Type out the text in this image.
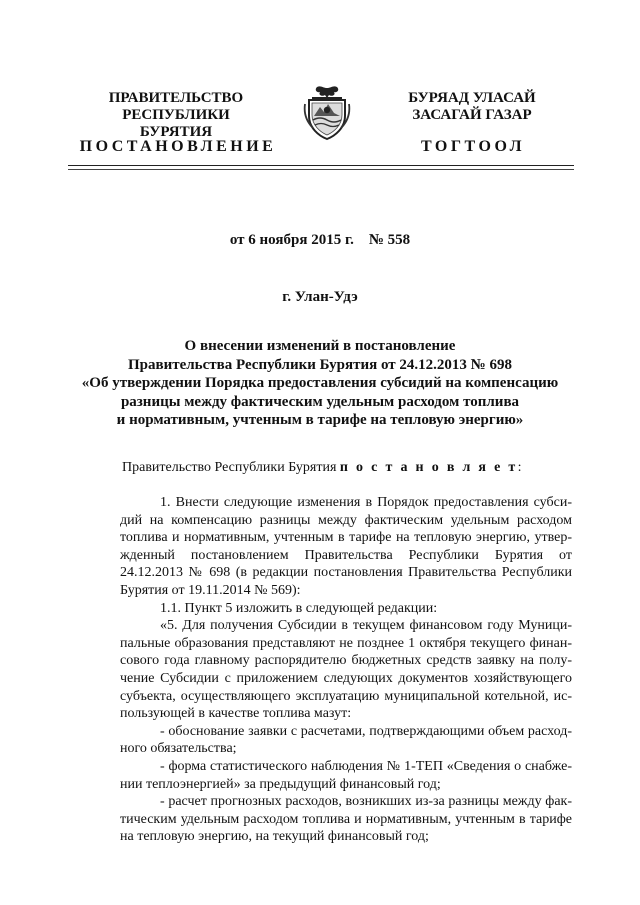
ПРАВИТЕЛЬСТВО
РЕСПУБЛИКИ БУРЯТИЯ
БУРЯАД УЛАСАЙ
ЗАСАГАЙ ГАЗАР
ПОСТАНОВЛЕНИЕ	ТОГТООЛ
от 6 ноября 2015 г.    № 558
г. Улан-Удэ
О внесении изменений в постановление
Правительства Республики Бурятия от 24.12.2013 № 698
«Об утверждении Порядка предоставления субсидий на компенсацию
разницы между фактическим удельным расходом топлива
и нормативным, учтенным в тарифе на тепловую энергию»
Правительство Республики Бурятия п о с т а н о в л я е т:
1. Внести следующие изменения в Порядок предоставления субси-
дий на компенсацию разницы между фактическим удельным расходом
топлива и нормативным, учтенным в тарифе на тепловую энергию, утвер-
жденный постановлением Правительства Республики Бурятия от
24.12.2013 № 698 (в редакции постановления Правительства Республики
Бурятия от 19.11.2014 № 569):
1.1. Пункт 5 изложить в следующей редакции:
«5. Для получения Субсидии в текущем финансовом году Муници-
пальные образования представляют не позднее 1 октября текущего финан-
сового года главному распорядителю бюджетных средств заявку на полу-
чение Субсидии с приложением следующих документов хозяйствующего
субъекта, осуществляющего эксплуатацию муниципальной котельной, ис-
пользующей в качестве топлива мазут:
- обоснование заявки с расчетами, подтверждающими объем расход-
ного обязательства;
- форма статистического наблюдения № 1-ТЕП «Сведения о снабже-
нии теплоэнергией» за предыдущий финансовый год;
- расчет прогнозных расходов, возникших из-за разницы между фак-
тическим удельным расходом топлива и нормативным, учтенным в тарифе
на тепловую энергию, на текущий финансовый год;
